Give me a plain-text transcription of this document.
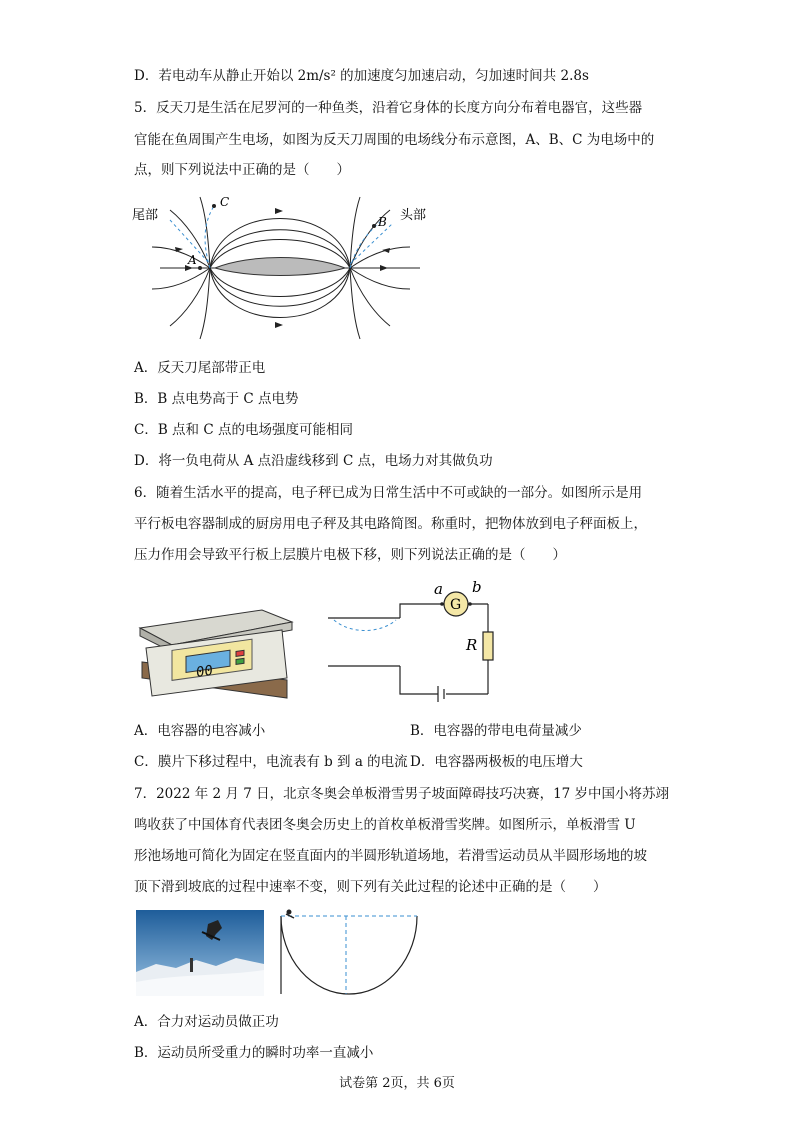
D．若电动车从静止开始以 2m/s² 的加速度匀加速启动，匀加速时间共 2.8s
5．反天刀是生活在尼罗河的一种鱼类，沿着它身体的长度方向分布着电器官，这些器
官能在鱼周围产生电场，如图为反天刀周围的电场线分布示意图，A、B、C 为电场中的
点，则下列说法中正确的是（　　）
尾部	头部
A
C
B
A．反天刀尾部带正电
B．B 点电势高于 C 点电势
C．B 点和 C 点的电场强度可能相同
D．将一负电荷从 A 点沿虚线移到 C 点，电场力对其做负功
6．随着生活水平的提高，电子秤已成为日常生活中不可或缺的一部分。如图所示是用
平行板电容器制成的厨房用电子秤及其电路简图。称重时，把物体放到电子秤面板上，
压力作用会导致平行板上层膜片电极下移，则下列说法正确的是（　　）
00
G
a b
R
A．电容器的电容减小	B．电容器的带电电荷量减少
C．膜片下移过程中，电流表有 b 到 a 的电流 D．电容器两极板的电压增大
7．2022 年 2 月 7 日，北京冬奥会单板滑雪男子坡面障碍技巧决赛，17 岁中国小将苏翊
鸣收获了中国体育代表团冬奥会历史上的首枚单板滑雪奖牌。如图所示，单板滑雪 U
形池场地可简化为固定在竖直面内的半圆形轨道场地，若滑雪运动员从半圆形场地的坡
顶下滑到坡底的过程中速率不变，则下列有关此过程的论述中正确的是（　　）
A．合力对运动员做正功
B．运动员所受重力的瞬时功率一直减小
试卷第 2页，共 6页
